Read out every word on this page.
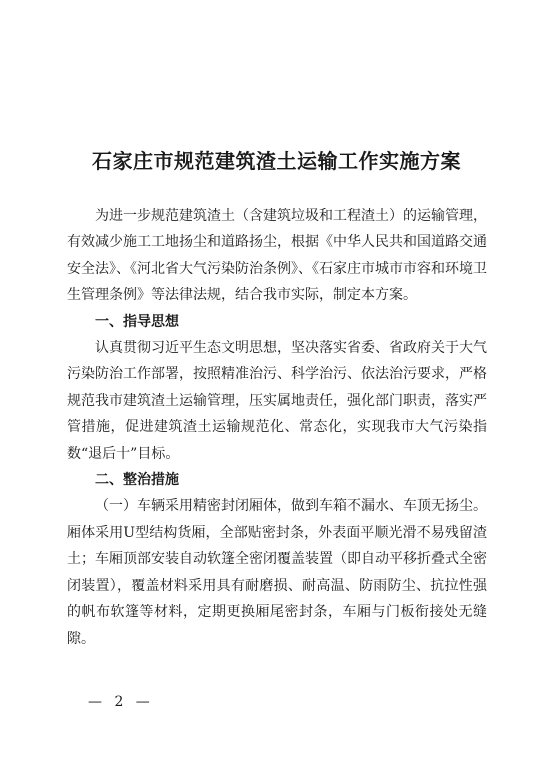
石家庄市规范建筑渣土运输工作实施方案

为进一步规范建筑渣土（含建筑垃圾和工程渣土）的运输管理，有效减少施工工地扬尘和道路扬尘，根据《中华人民共和国道路交通安全法》、《河北省大气污染防治条例》、《石家庄市城市市容和环境卫生管理条例》等法律法规，结合我市实际，制定本方案。

一、指导思想

认真贯彻习近平生态文明思想，坚决落实省委、省政府关于大气污染防治工作部署，按照精准治污、科学治污、依法治污要求，严格规范我市建筑渣土运输管理，压实属地责任，强化部门职责，落实严管措施，促进建筑渣土运输规范化、常态化，实现我市大气污染指数“退后十”目标。

二、整治措施

（一）车辆采用精密封闭厢体，做到车箱不漏水、车顶无扬尘。厢体采用U型结构货厢，全部贴密封条，外表面平顺光滑不易残留渣土；车厢顶部安装自动软篷全密闭覆盖装置（即自动平移折叠式全密闭装置），覆盖材料采用具有耐磨损、耐高温、防雨防尘、抗拉性强的帆布软篷等材料，定期更换厢尾密封条，车厢与门板衔接处无缝隙。

— 2 —
